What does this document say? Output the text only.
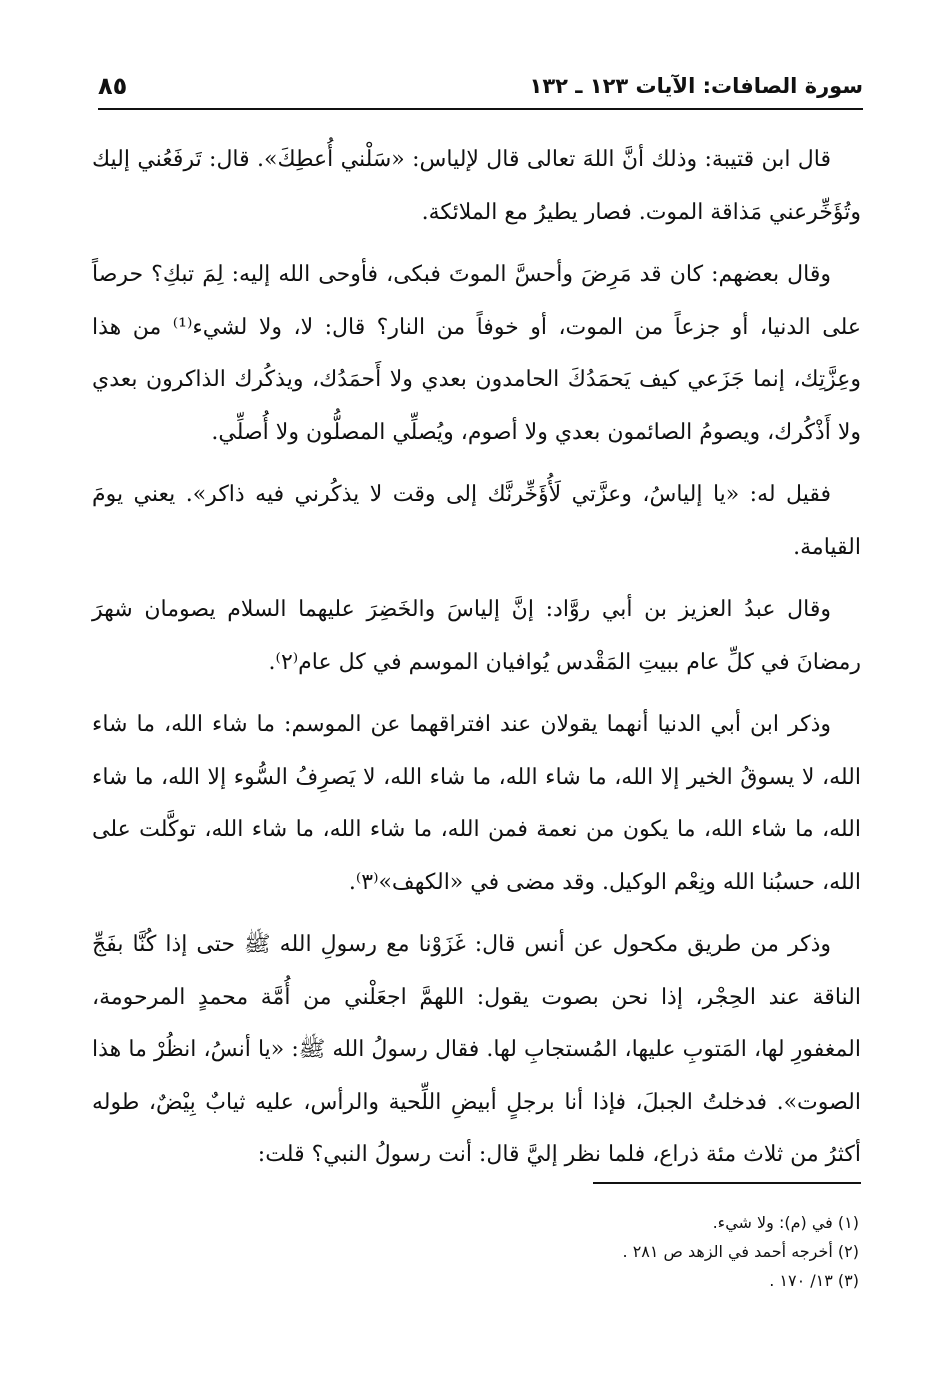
سورة الصافات: الآيات ١٢٣ ـ ١٣٢
٨٥

قال ابن قتيبة: وذلك أنَّ اللهَ تعالى قال لإلياس: «سَلْني أُعطِكَ». قال: تَرفَعُني إليك وتُؤَخِّرعني مَذاقة الموت. فصار يطيرُ مع الملائكة.

وقال بعضهم: كان قد مَرِضَ وأحسَّ الموتَ فبكى، فأوحى الله إليه: لِمَ تبكِ؟ حرصاً على الدنيا، أو جزعاً من الموت، أو خوفاً من النار؟ قال: لا، ولا لشيء⁽¹⁾ من هذا وعِزَّتِك، إنما جَزَعي كيف يَحمَدُكَ الحامدون بعدي ولا أَحمَدُك، ويذكُرك الذاكرون بعدي ولا أَذْكُرك، ويصومُ الصائمون بعدي ولا أصوم، ويُصلِّي المصلُّون ولا أُصلِّي.

فقيل له: «يا إلياسُ، وعزَّتي لَأُؤَخِّرنَّك إلى وقت لا يذكُرني فيه ذاكر». يعني يومَ القيامة.

وقال عبدُ العزيز بن أبي روَّاد: إنَّ إلياسَ والخَضِرَ عليهما السلام يصومان شهرَ رمضانَ في كلِّ عام ببيتِ المَقْدس يُوافيان الموسم في كل عام⁽٢⁾.

وذكر ابن أبي الدنيا أنهما يقولان عند افتراقهما عن الموسم: ما شاء الله، ما شاء الله، لا يسوقُ الخير إلا الله، ما شاء الله، ما شاء الله، لا يَصرِفُ السُّوء إلا الله، ما شاء الله، ما شاء الله، ما يكون من نعمة فمن الله، ما شاء الله، ما شاء الله، توكَّلت على الله، حسبُنا الله ونِعْم الوكيل. وقد مضى في «الكهف»⁽٣⁾.

وذكر من طريق مكحول عن أنس قال: غَزَوْنا مع رسولِ الله ﷺ حتى إذا كُنَّا بفَجِّ الناقة عند الحِجْر، إذا نحن بصوت يقول: اللهمَّ اجعَلْني من أُمَّة محمدٍ المرحومة، المغفورِ لها، المَتوبِ عليها، المُستجابِ لها. فقال رسولُ الله ﷺ: «يا أنسُ، انظُرْ ما هذا الصوت». فدخلتُ الجبلَ، فإذا أنا برجلٍ أبيضِ اللِّحية والرأس، عليه ثيابٌ بِيْضٌ، طوله أكثرُ من ثلاث مئة ذراع، فلما نظر إليَّ قال: أنت رسولُ النبي؟ قلت:

(١) في (م): ولا شيء.

(٢) أخرجه أحمد في الزهد ص ٢٨١ .

(٣) ١٣/ ١٧٠ .
